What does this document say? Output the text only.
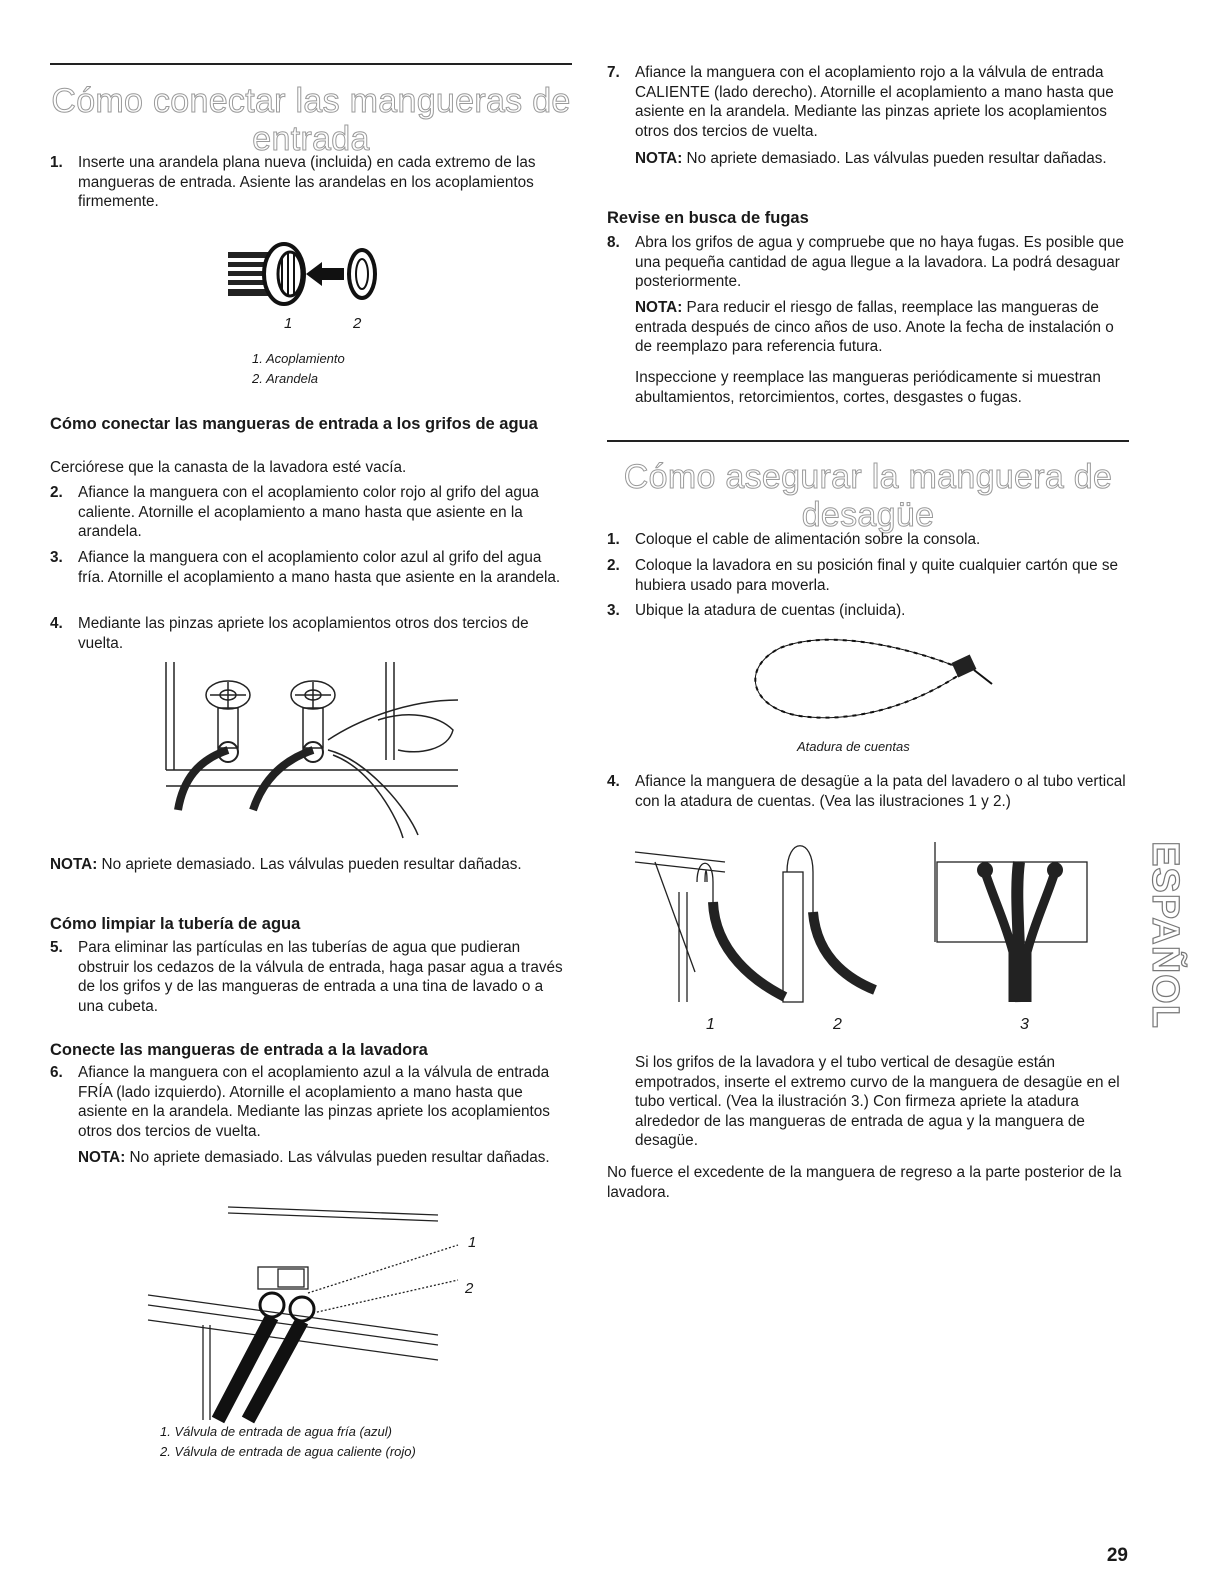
Cómo conectar las mangueras de
entrada
1. Inserte una arandela plana nueva (incluida) en cada extremo de las mangueras de entrada. Asiente las arandelas en los acoplamientos firmemente.
1	2
1. Acoplamiento
2. Arandela
Cómo conectar las mangueras de entrada a los grifos de agua
Cerciórese que la canasta de la lavadora esté vacía.
2. Afiance la manguera con el acoplamiento color rojo al grifo del agua caliente. Atornille el acoplamiento a mano hasta que asiente en la arandela.
3. Afiance la manguera con el acoplamiento color azul al grifo del agua fría. Atornille el acoplamiento a mano hasta que asiente en la arandela.
4. Mediante las pinzas apriete los acoplamientos otros dos tercios de vuelta.
NOTA: No apriete demasiado. Las válvulas pueden resultar dañadas.
Cómo limpiar la tubería de agua
5. Para eliminar las partículas en las tuberías de agua que pudieran obstruir los cedazos de la válvula de entrada, haga pasar agua a través de los grifos y de las mangueras de entrada a una tina de lavado o a una cubeta.
Conecte las mangueras de entrada a la lavadora
6. Afiance la manguera con el acoplamiento azul a la válvula de entrada FRÍA (lado izquierdo). Atornille el acoplamiento a mano hasta que asiente en la arandela. Mediante las pinzas apriete los acoplamientos otros dos tercios de vuelta.
NOTA: No apriete demasiado. Las válvulas pueden resultar dañadas.
1
2
1. Válvula de entrada de agua fría (azul)
2. Válvula de entrada de agua caliente (rojo)
7. Afiance la manguera con el acoplamiento rojo a la válvula de entrada CALIENTE (lado derecho). Atornille el acoplamiento a mano hasta que asiente en la arandela. Mediante las pinzas apriete los acoplamientos otros dos tercios de vuelta.
NOTA: No apriete demasiado. Las válvulas pueden resultar dañadas.
Revise en busca de fugas
8. Abra los grifos de agua y compruebe que no haya fugas. Es posible que una pequeña cantidad de agua llegue a la lavadora. La podrá desaguar posteriormente.
NOTA: Para reducir el riesgo de fallas, reemplace las mangueras de entrada después de cinco años de uso. Anote la fecha de instalación o de reemplazo para referencia futura.
Inspeccione y reemplace las mangueras periódicamente si muestran abultamientos, retorcimientos, cortes, desgastes o fugas.
Cómo asegurar la manguera de
desagüe
1. Coloque el cable de alimentación sobre la consola.
2. Coloque la lavadora en su posición final y quite cualquier cartón que se hubiera usado para moverla.
3. Ubique la atadura de cuentas (incluida).
Atadura de cuentas
4. Afiance la manguera de desagüe a la pata del lavadero o al tubo vertical con la atadura de cuentas. (Vea las ilustraciones 1 y 2.)
1	2	3
Si los grifos de la lavadora y el tubo vertical de desagüe están empotrados, inserte el extremo curvo de la manguera de desagüe en el tubo vertical. (Vea la ilustración 3.) Con firmeza apriete la atadura alrededor de las mangueras de entrada de agua y la manguera de desagüe.
No fuerce el excedente de la manguera de regreso a la parte posterior de la lavadora.
ESPAÑOL
29
